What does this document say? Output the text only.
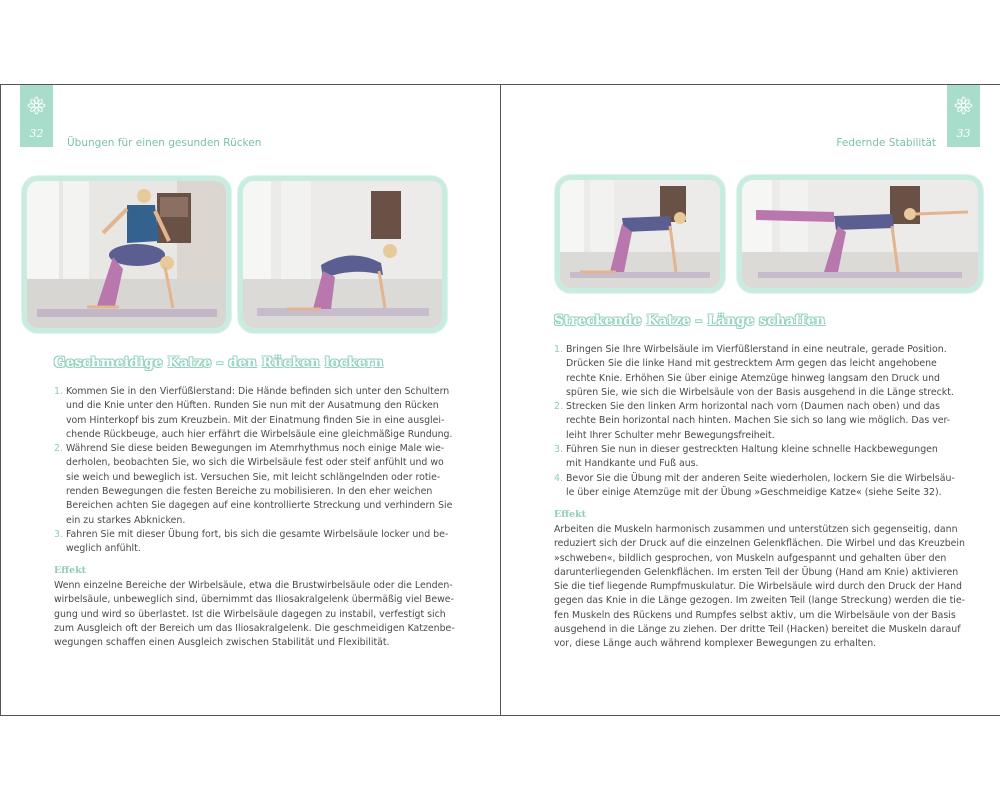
32
Übungen für einen gesunden Rücken
Geschmeidige Katze – den Rücken lockern
1. Kommen Sie in den Vierfüßlerstand: Die Hände befinden sich unter den Schultern
und die Knie unter den Hüften. Runden Sie nun mit der Ausatmung den Rücken
vom Hinterkopf bis zum Kreuzbein. Mit der Einatmung finden Sie in eine ausglei-
chende Rückbeuge, auch hier erfährt die Wirbelsäule eine gleichmäßige Rundung.
2. Während Sie diese beiden Bewegungen im Atemrhythmus noch einige Male wie-
derholen, beobachten Sie, wo sich die Wirbelsäule fest oder steif anfühlt und wo
sie weich und beweglich ist. Versuchen Sie, mit leicht schlängelnden oder rotie-
renden Bewegungen die festen Bereiche zu mobilisieren. In den eher weichen
Bereichen achten Sie dagegen auf eine kontrollierte Streckung und verhindern Sie
ein zu starkes Abknicken.
3. Fahren Sie mit dieser Übung fort, bis sich die gesamte Wirbelsäule locker und be-
weglich anfühlt.
Effekt
Wenn einzelne Bereiche der Wirbelsäule, etwa die Brustwirbelsäule oder die Lenden-
wirbelsäule, unbeweglich sind, übernimmt das Iliosakralgelenk übermäßig viel Bewe-
gung und wird so überlastet. Ist die Wirbelsäule dagegen zu instabil, verfestigt sich
zum Ausgleich oft der Bereich um das Iliosakralgelenk. Die geschmeidigen Katzenbe-
wegungen schaffen einen Ausgleich zwischen Stabilität und Flexibilität.
33
Federnde Stabilität
Streckende Katze – Länge schaffen
1. Bringen Sie Ihre Wirbelsäule im Vierfüßlerstand in eine neutrale, gerade Position.
Drücken Sie die linke Hand mit gestrecktem Arm gegen das leicht angehobene
rechte Knie. Erhöhen Sie über einige Atemzüge hinweg langsam den Druck und
spüren Sie, wie sich die Wirbelsäule von der Basis ausgehend in die Länge streckt.
2. Strecken Sie den linken Arm horizontal nach vorn (Daumen nach oben) und das
rechte Bein horizontal nach hinten. Machen Sie sich so lang wie möglich. Das ver-
leiht Ihrer Schulter mehr Bewegungsfreiheit.
3. Führen Sie nun in dieser gestreckten Haltung kleine schnelle Hackbewegungen
mit Handkante und Fuß aus.
4. Bevor Sie die Übung mit der anderen Seite wiederholen, lockern Sie die Wirbelsäu-
le über einige Atemzüge mit der Übung »Geschmeidige Katze« (siehe Seite 32).
Effekt
Arbeiten die Muskeln harmonisch zusammen und unterstützen sich gegenseitig, dann
reduziert sich der Druck auf die einzelnen Gelenkflächen. Die Wirbel und das Kreuzbein
»schweben«, bildlich gesprochen, von Muskeln aufgespannt und gehalten über den
darunterliegenden Gelenkflächen. Im ersten Teil der Übung (Hand am Knie) aktivieren
Sie die tief liegende Rumpfmuskulatur. Die Wirbelsäule wird durch den Druck der Hand
gegen das Knie in die Länge gezogen. Im zweiten Teil (lange Streckung) werden die tie-
fen Muskeln des Rückens und Rumpfes selbst aktiv, um die Wirbelsäule von der Basis
ausgehend in die Länge zu ziehen. Der dritte Teil (Hacken) bereitet die Muskeln darauf
vor, diese Länge auch während komplexer Bewegungen zu erhalten.
